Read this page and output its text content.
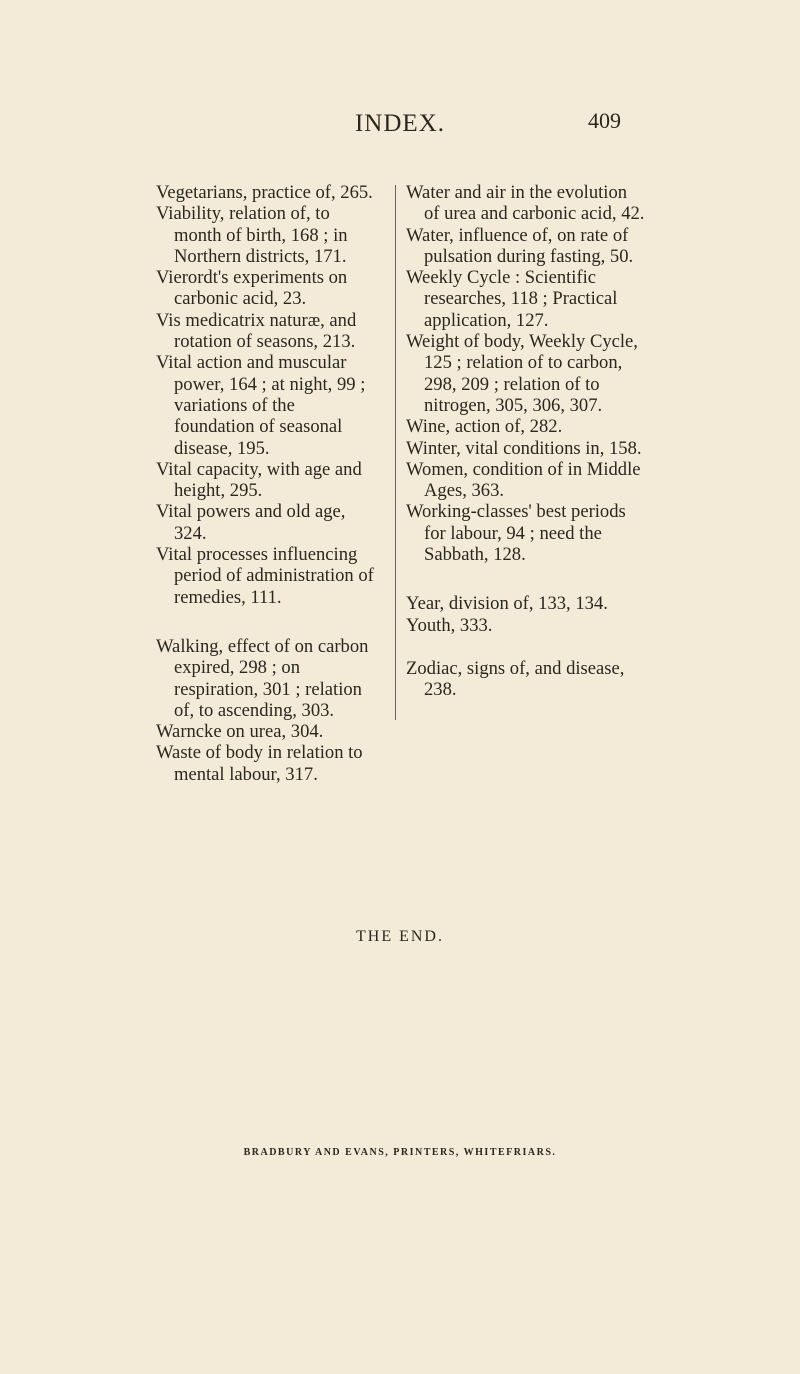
INDEX.	409

Vegetarians, practice of, 265.

Viability, relation of, to month of birth, 168 ; in Northern districts, 171.

Vierordt's experiments on carbonic acid, 23.

Vis medicatrix naturæ, and rotation of seasons, 213.

Vital action and muscular power, 164 ; at night, 99 ; variations of the foundation of seasonal disease, 195.

Vital capacity, with age and height, 295.

Vital powers and old age, 324.

Vital processes influencing period of administration of remedies, 111.

Walking, effect of on carbon expired, 298 ; on respiration, 301 ; relation of, to ascending, 303.

Warncke on urea, 304.

Waste of body in relation to mental labour, 317.

Water and air in the evolution of urea and carbonic acid, 42.

Water, influence of, on rate of pulsation during fasting, 50.

Weekly Cycle : Scientific researches, 118 ; Practical application, 127.

Weight of body, Weekly Cycle, 125 ; relation of to carbon, 298, 209 ; relation of to nitrogen, 305, 306, 307.

Wine, action of, 282.

Winter, vital conditions in, 158.

Women, condition of in Middle Ages, 363.

Working-classes' best periods for labour, 94 ; need the Sabbath, 128.

Year, division of, 133, 134.

Youth, 333.

Zodiac, signs of, and disease, 238.

THE END.
BRADBURY AND EVANS, PRINTERS, WHITEFRIARS.
